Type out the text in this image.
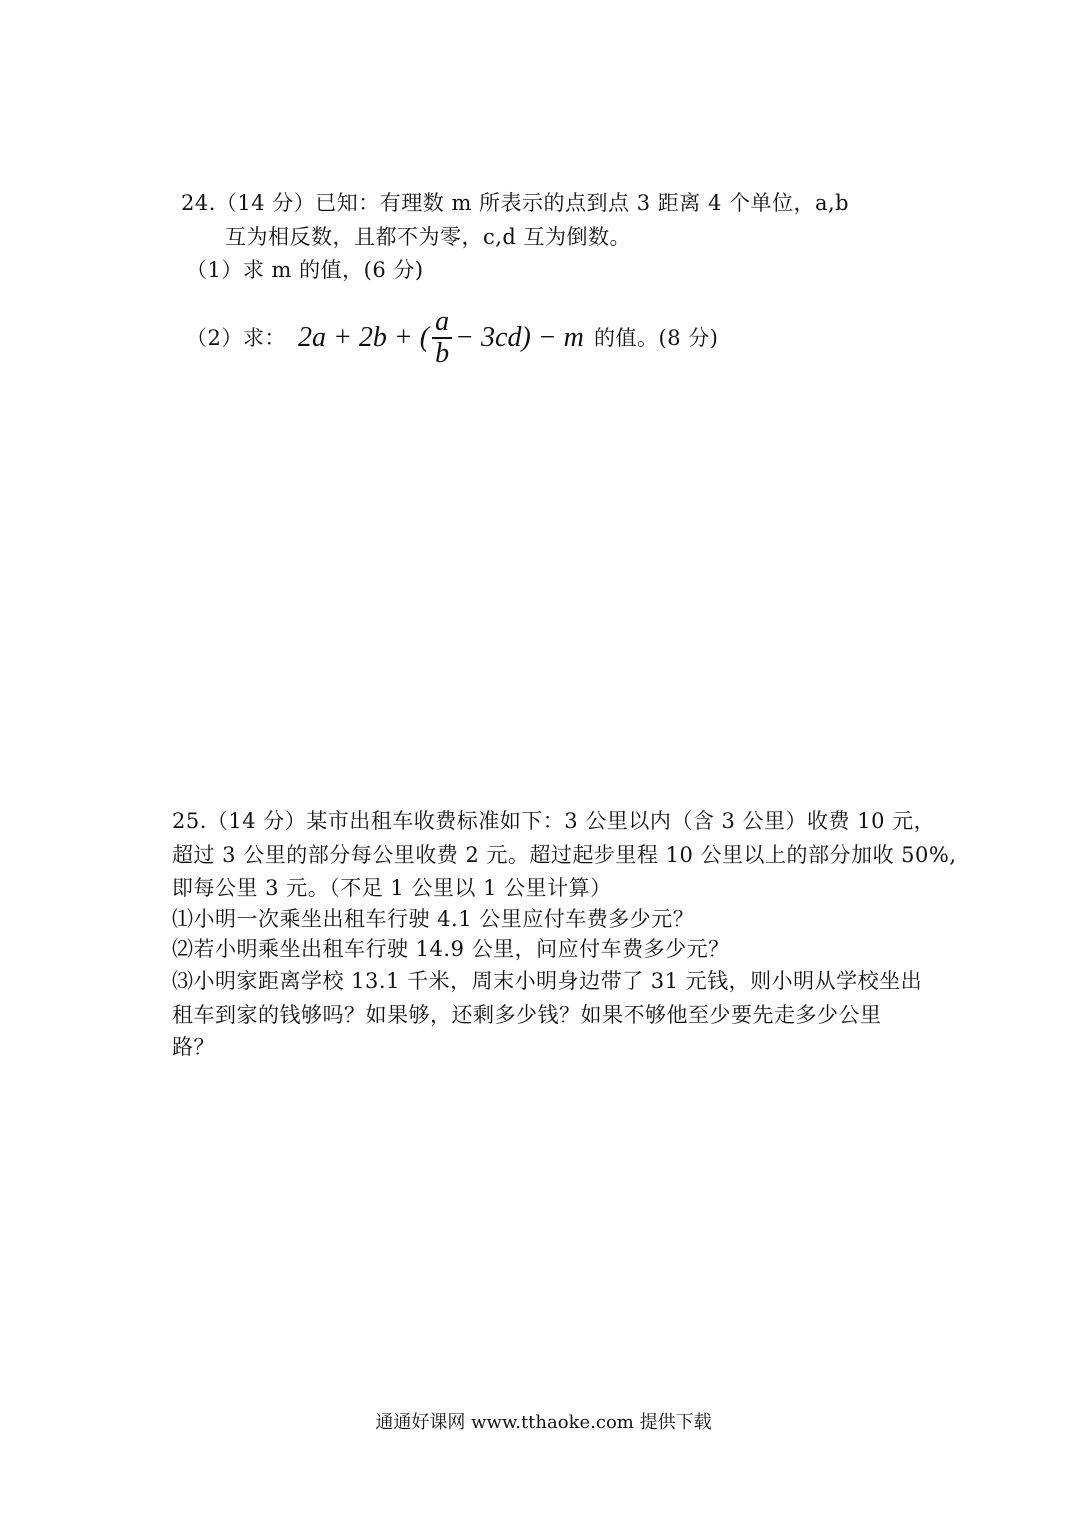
24.（14 分）已知：有理数 m 所表示的点到点 3 距离 4 个单位，a,b
互为相反数，且都不为零，c,d 互为倒数。
（1）求 m 的值，(6 分)
（2）求： 2a + 2b + ( $\frac{a}{b} - 3cd) - m$ 的值。(8 分)
25.（14 分）某市出租车收费标准如下：3 公里以内（含 3 公里）收费 10 元，
超过 3 公里的部分每公里收费 2 元。超过起步里程 10 公里以上的部分加收 50%,
即每公里 3 元。（不足 1 公里以 1 公里计算）
⑴小明一次乘坐出租车行驶 4.1 公里应付车费多少元？
⑵若小明乘坐出租车行驶 14.9 公里，问应付车费多少元？
⑶小明家距离学校 13.1 千米，周末小明身边带了 31 元钱，则小明从学校坐出
租车到家的钱够吗？如果够，还剩多少钱？如果不够他至少要先走多少公里
路？
通通好课网 www.tthaoke.com 提供下载
